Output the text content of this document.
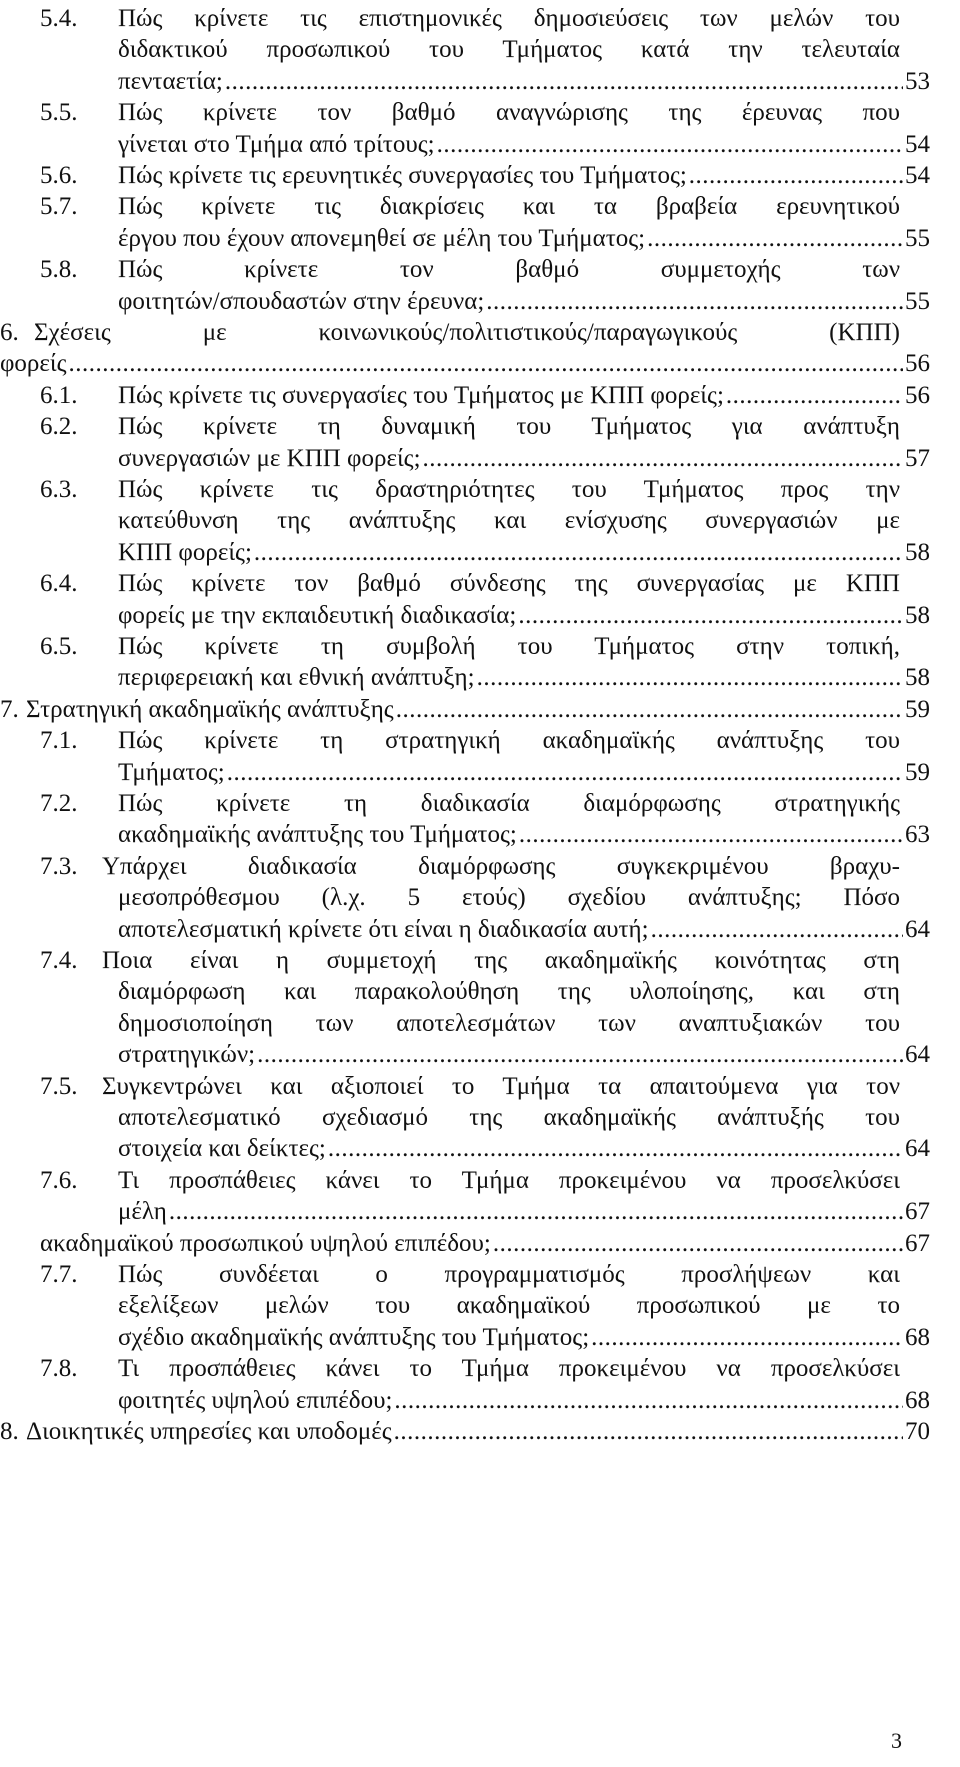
5.4. Πώς κρίνετε τις επιστημονικές δημοσιεύσεις των μελών του
διδακτικού προσωπικού του Τμήματος κατά την τελευταία
πενταετία; .....	53
5.5. Πώς κρίνετε τον βαθμό αναγνώρισης της έρευνας που
γίνεται στο Τμήμα από τρίτους; .....	54
5.6. Πώς κρίνετε τις ερευνητικές συνεργασίες του Τμήματος; .....	54
5.7. Πώς κρίνετε τις διακρίσεις και τα βραβεία ερευνητικού
έργου που έχουν απονεμηθεί σε μέλη του Τμήματος; .....	55
5.8. Πώς κρίνετε τον βαθμό συμμετοχής των
φοιτητών/σπουδαστών στην έρευνα; .....	55
6. Σχέσεις με κοινωνικούς/πολιτιστικούς/παραγωγικούς (ΚΠΠ)
φορείς .....	56
6.1. Πώς κρίνετε τις συνεργασίες του Τμήματος με ΚΠΠ φορείς; .....	56
6.2. Πώς κρίνετε τη δυναμική του Τμήματος για ανάπτυξη
συνεργασιών με ΚΠΠ φορείς; .....	57
6.3. Πώς κρίνετε τις δραστηριότητες του Τμήματος προς την
κατεύθυνση της ανάπτυξης και ενίσχυσης συνεργασιών με
ΚΠΠ φορείς; .....	58
6.4. Πώς κρίνετε τον βαθμό σύνδεσης της συνεργασίας με ΚΠΠ
φορείς με την εκπαιδευτική διαδικασία; .....	58
6.5. Πώς κρίνετε τη συμβολή του Τμήματος στην τοπική,
περιφερειακή και εθνική ανάπτυξη; .....	58
7. Στρατηγική ακαδημαϊκής ανάπτυξης .....	59
7.1. Πώς κρίνετε τη στρατηγική ακαδημαϊκής ανάπτυξης του
Τμήματος; .....	59
7.2. Πώς κρίνετε τη διαδικασία διαμόρφωσης στρατηγικής
ακαδημαϊκής ανάπτυξης του Τμήματος; .....	63
7.3. Υπάρχει διαδικασία διαμόρφωσης συγκεκριμένου βραχυ-
μεσοπρόθεσμου (λ.χ. 5 ετούς) σχεδίου ανάπτυξης; Πόσο
αποτελεσματική κρίνετε ότι είναι η διαδικασία αυτή; .....	64
7.4. Ποια είναι η συμμετοχή της ακαδημαϊκής κοινότητας στη
διαμόρφωση και παρακολούθηση της υλοποίησης, και στη
δημοσιοποίηση των αποτελεσμάτων των αναπτυξιακών του
στρατηγικών; .....	64
7.5. Συγκεντρώνει και αξιοποιεί το Τμήμα τα απαιτούμενα για τον
αποτελεσματικό σχεδιασμό της ακαδημαϊκής ανάπτυξής του
στοιχεία και δείκτες; .....	64
7.6. Τι προσπάθειες κάνει το Τμήμα προκειμένου να προσελκύσει
μέλη .....	67
ακαδημαϊκού προσωπικού υψηλού επιπέδου; .....	67
7.7. Πώς συνδέεται ο προγραμματισμός προσλήψεων και
εξελίξεων μελών του ακαδημαϊκού προσωπικού με το
σχέδιο ακαδημαϊκής ανάπτυξης του Τμήματος; .....	68
7.8. Τι προσπάθειες κάνει το Τμήμα προκειμένου να προσελκύσει
φοιτητές υψηλού επιπέδου; .....	68
8. Διοικητικές υπηρεσίες και υποδομές .....	70
3
